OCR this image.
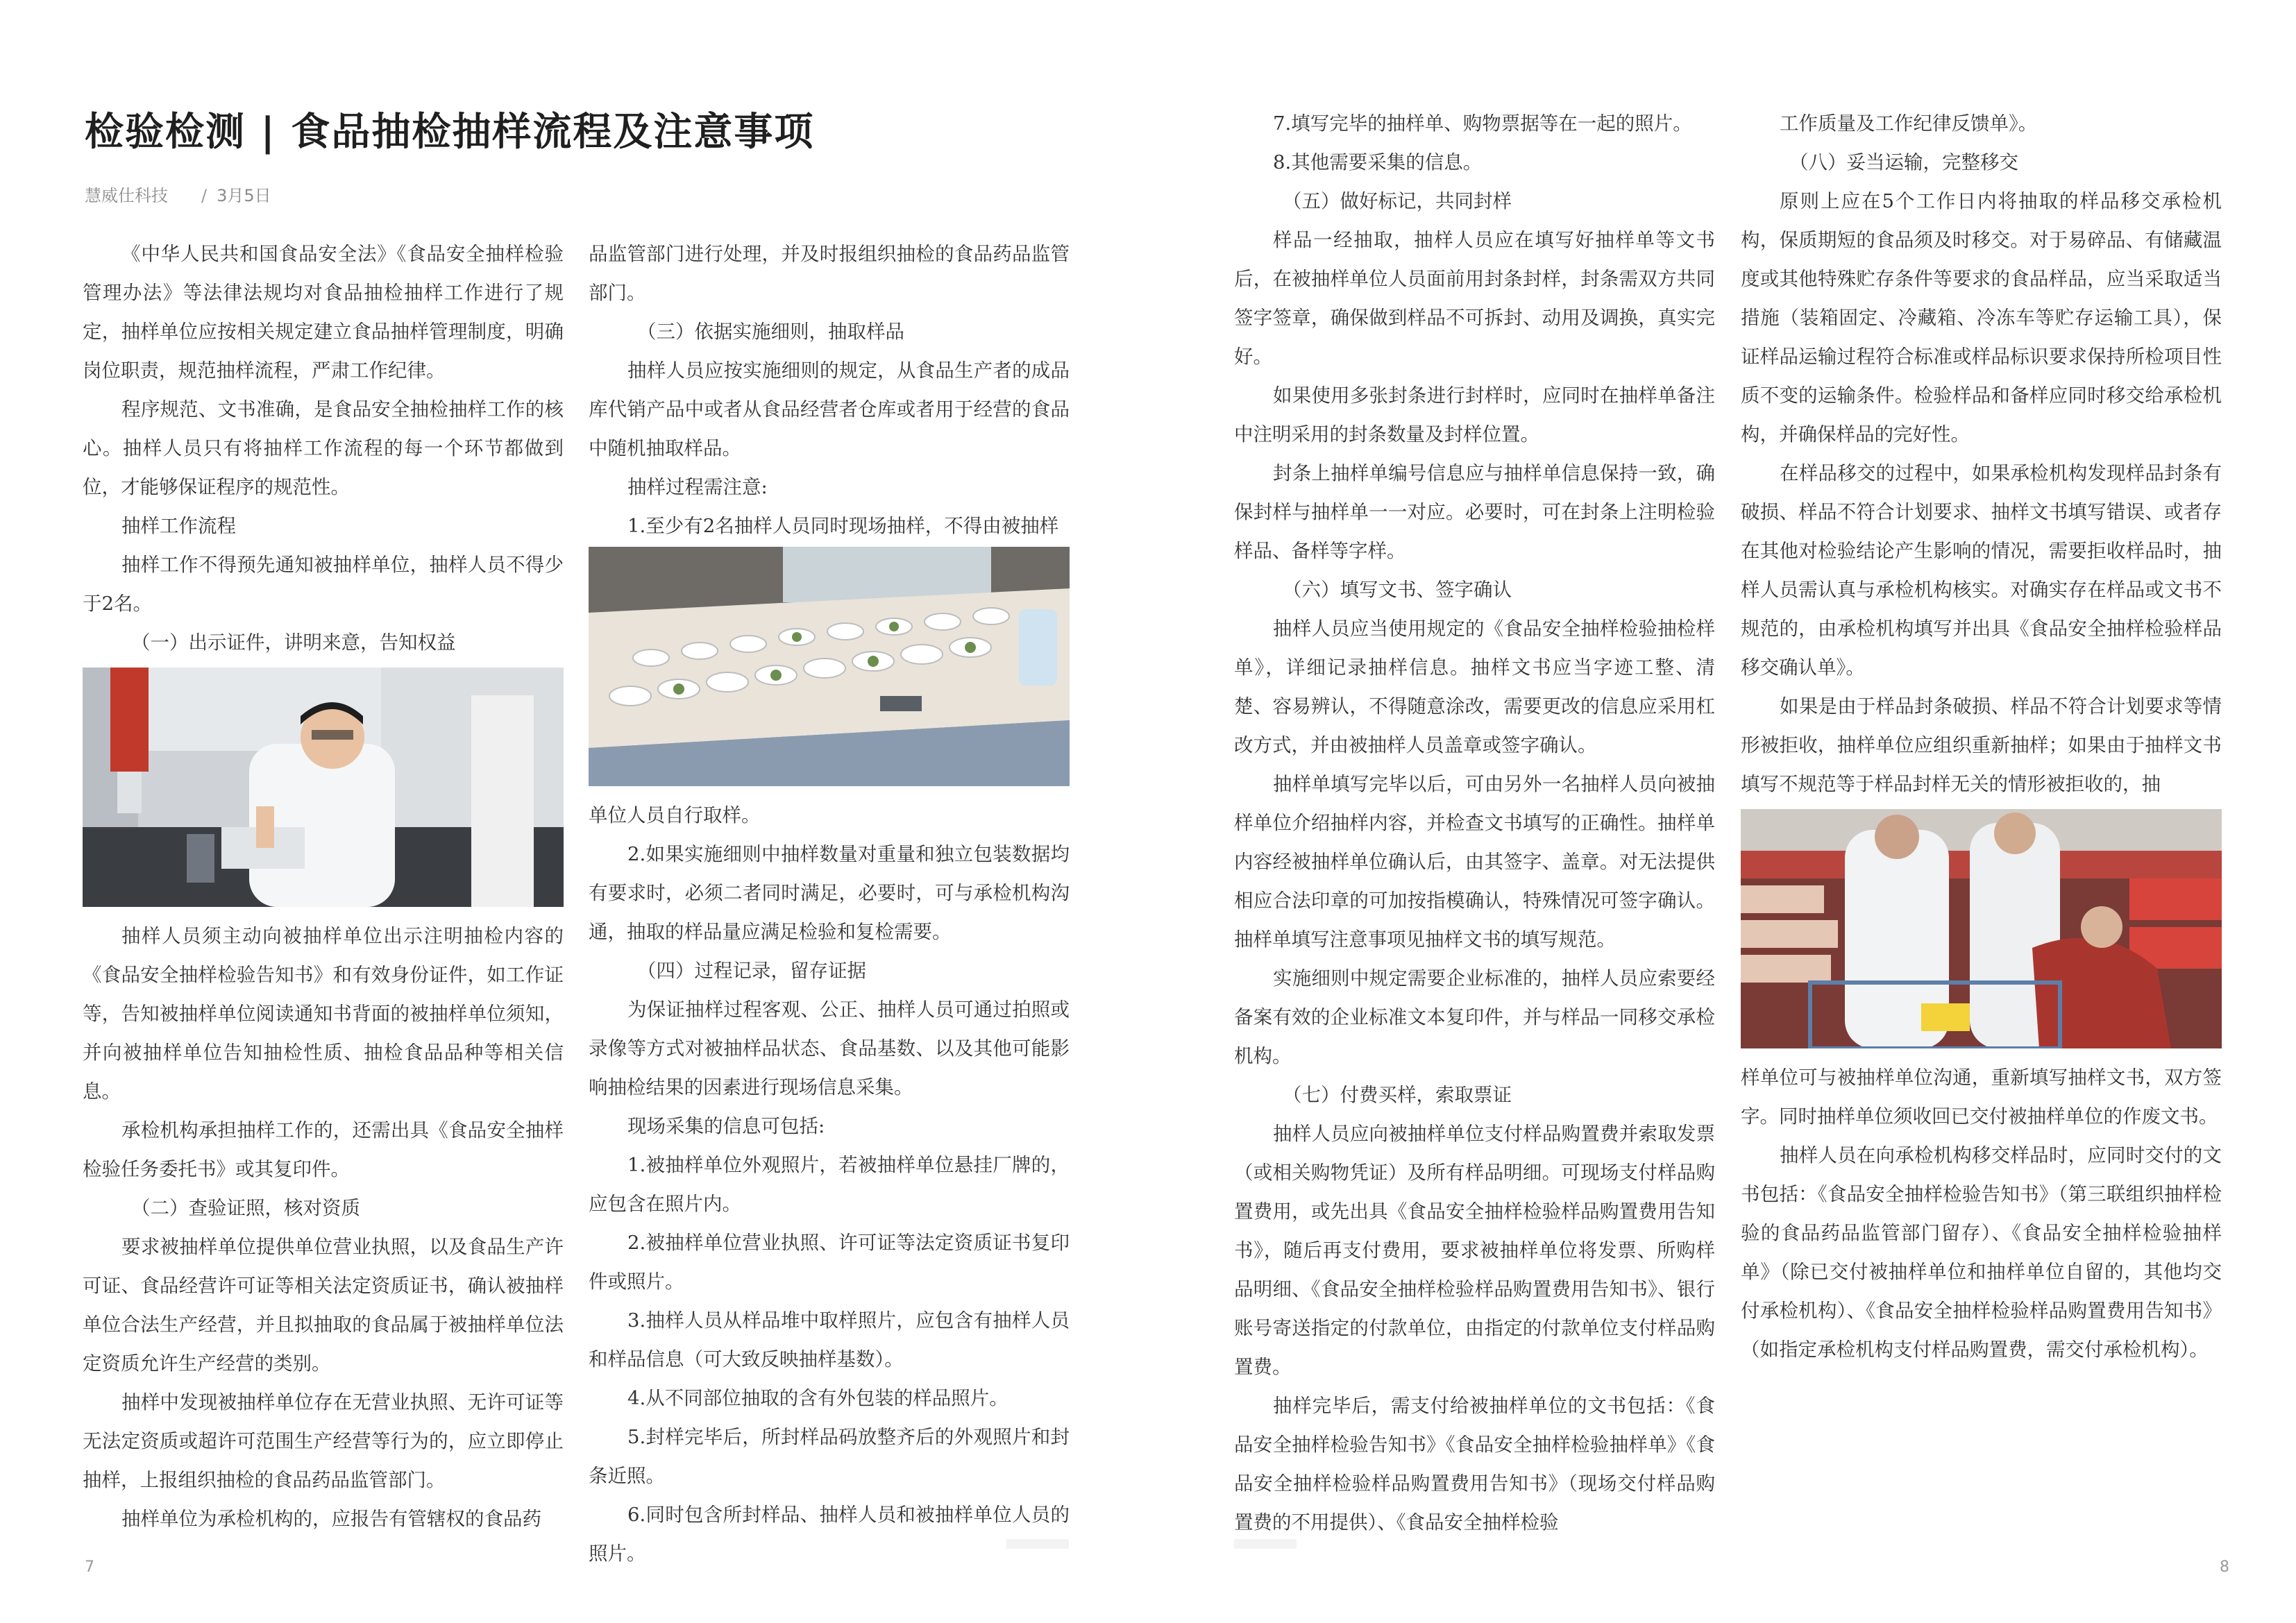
检验检测 | 食品抽检抽样流程及注意事项
慧威仕科技 / 3月5日

《中华人民共和国食品安全法》《食品安全抽样检验管理办法》等法律法规均对食品抽检抽样工作进行了规定，抽样单位应按相关规定建立食品抽样管理制度，明确岗位职责，规范抽样流程，严肃工作纪律。

程序规范、文书准确，是食品安全抽检抽样工作的核心。抽样人员只有将抽样工作流程的每一个环节都做到位，才能够保证程序的规范性。

抽样工作流程

抽样工作不得预先通知被抽样单位，抽样人员不得少于2名。

（一）出示证件，讲明来意，告知权益

抽样人员须主动向被抽样单位出示注明抽检内容的《食品安全抽样检验告知书》和有效身份证件，如工作证等，告知被抽样单位阅读通知书背面的被抽样单位须知，并向被抽样单位告知抽检性质、抽检食品品种等相关信息。

承检机构承担抽样工作的，还需出具《食品安全抽样检验任务委托书》或其复印件。

（二）查验证照，核对资质

要求被抽样单位提供单位营业执照，以及食品生产许可证、食品经营许可证等相关法定资质证书，确认被抽样单位合法生产经营，并且拟抽取的食品属于被抽样单位法定资质允许生产经营的类别。

抽样中发现被抽样单位存在无营业执照、无许可证等无法定资质或超许可范围生产经营等行为的，应立即停止抽样，上报组织抽检的食品药品监管部门。

抽样单位为承检机构的，应报告有管辖权的食品药

品监管部门进行处理，并及时报组织抽检的食品药品监管部门。

（三）依据实施细则，抽取样品

抽样人员应按实施细则的规定，从食品生产者的成品库代销产品中或者从食品经营者仓库或者用于经营的食品中随机抽取样品。

抽样过程需注意:

1.至少有2名抽样人员同时现场抽样，不得由被抽样

单位人员自行取样。

2.如果实施细则中抽样数量对重量和独立包装数据均有要求时，必须二者同时满足，必要时，可与承检机构沟通，抽取的样品量应满足检验和复检需要。

（四）过程记录，留存证据

为保证抽样过程客观、公正、抽样人员可通过拍照或录像等方式对被抽样品状态、食品基数、以及其他可能影响抽检结果的因素进行现场信息采集。

现场采集的信息可包括:

1.被抽样单位外观照片，若被抽样单位悬挂厂牌的，应包含在照片内。

2.被抽样单位营业执照、许可证等法定资质证书复印件或照片。

3.抽样人员从样品堆中取样照片，应包含有抽样人员和样品信息（可大致反映抽样基数）。

4.从不同部位抽取的含有外包装的样品照片。

5.封样完毕后，所封样品码放整齐后的外观照片和封条近照。

6.同时包含所封样品、抽样人员和被抽样单位人员的照片。

7

7.填写完毕的抽样单、购物票据等在一起的照片。

8.其他需要采集的信息。

（五）做好标记，共同封样

样品一经抽取，抽样人员应在填写好抽样单等文书后，在被抽样单位人员面前用封条封样，封条需双方共同签字签章，确保做到样品不可拆封、动用及调换，真实完好。

如果使用多张封条进行封样时，应同时在抽样单备注中注明采用的封条数量及封样位置。

封条上抽样单编号信息应与抽样单信息保持一致，确保封样与抽样单一一对应。必要时，可在封条上注明检验样品、备样等字样。

（六）填写文书、签字确认

抽样人员应当使用规定的《食品安全抽样检验抽检样单》，详细记录抽样信息。抽样文书应当字迹工整、清楚、容易辨认，不得随意涂改，需要更改的信息应采用杠改方式，并由被抽样人员盖章或签字确认。

抽样单填写完毕以后，可由另外一名抽样人员向被抽样单位介绍抽样内容，并检查文书填写的正确性。抽样单内容经被抽样单位确认后，由其签字、盖章。对无法提供相应合法印章的可加按指模确认，特殊情况可签字确认。抽样单填写注意事项见抽样文书的填写规范。

实施细则中规定需要企业标准的，抽样人员应索要经备案有效的企业标准文本复印件，并与样品一同移交承检机构。

（七）付费买样，索取票证

抽样人员应向被抽样单位支付样品购置费并索取发票（或相关购物凭证）及所有样品明细。可现场支付样品购置费用，或先出具《食品安全抽样检验样品购置费用告知书》，随后再支付费用，要求被抽样单位将发票、所购样品明细、《食品安全抽样检验样品购置费用告知书》、银行账号寄送指定的付款单位，由指定的付款单位支付样品购置费。

抽样完毕后，需支付给被抽样单位的文书包括：《食品安全抽样检验告知书》《食品安全抽样检验抽样单》《食品安全抽样检验样品购置费用告知书》（现场交付样品购置费的不用提供）、《食品安全抽样检验

工作质量及工作纪律反馈单》。

（八）妥当运输，完整移交

原则上应在5个工作日内将抽取的样品移交承检机构，保质期短的食品须及时移交。对于易碎品、有储藏温度或其他特殊贮存条件等要求的食品样品，应当采取适当措施（装箱固定、冷藏箱、冷冻车等贮存运输工具），保证样品运输过程符合标准或样品标识要求保持所检项目性质不变的运输条件。检验样品和备样应同时移交给承检机构，并确保样品的完好性。

在样品移交的过程中，如果承检机构发现样品封条有破损、样品不符合计划要求、抽样文书填写错误、或者存在其他对检验结论产生影响的情况，需要拒收样品时，抽样人员需认真与承检机构核实。对确实存在样品或文书不规范的，由承检机构填写并出具《食品安全抽样检验样品移交确认单》。

如果是由于样品封条破损、样品不符合计划要求等情形被拒收，抽样单位应组织重新抽样；如果由于抽样文书填写不规范等于样品封样无关的情形被拒收的，抽

样单位可与被抽样单位沟通，重新填写抽样文书，双方签字。同时抽样单位须收回已交付被抽样单位的作废文书。

抽样人员在向承检机构移交样品时，应同时交付的文书包括：《食品安全抽样检验告知书》（第三联组织抽样检验的食品药品监管部门留存）、《食品安全抽样检验抽样单》（除已交付被抽样单位和抽样单位自留的，其他均交付承检机构）、《食品安全抽样检验样品购置费用告知书》（如指定承检机构支付样品购置费，需交付承检机构）。

8
